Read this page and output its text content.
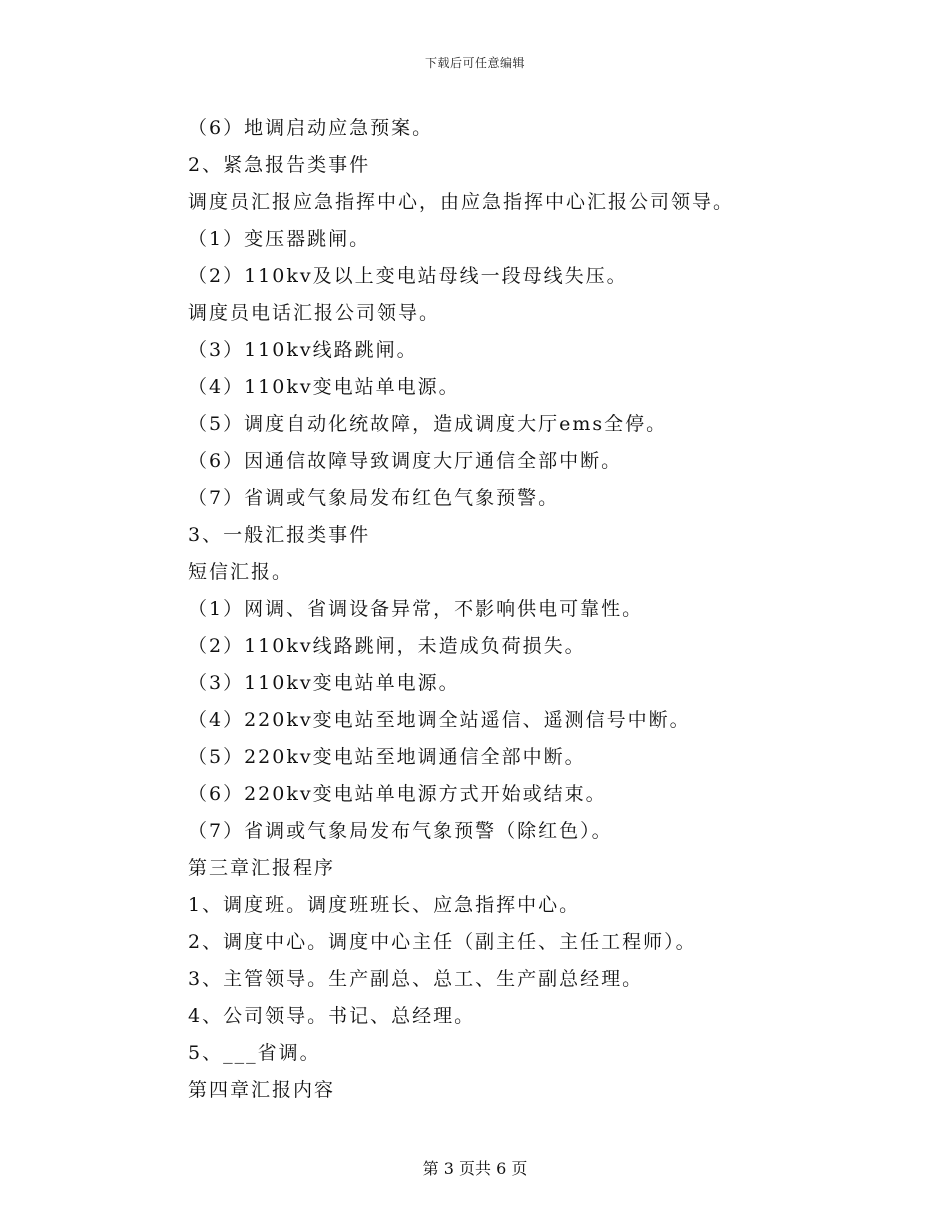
下载后可任意编辑
（6）地调启动应急预案。
2、紧急报告类事件
调度员汇报应急指挥中心，由应急指挥中心汇报公司领导。
（1）变压器跳闸。
（2）110kv及以上变电站母线一段母线失压。
调度员电话汇报公司领导。
（3）110kv线路跳闸。
（4）110kv变电站单电源。
（5）调度自动化统故障，造成调度大厅ems全停。
（6）因通信故障导致调度大厅通信全部中断。
（7）省调或气象局发布红色气象预警。
3、一般汇报类事件
短信汇报。
（1）网调、省调设备异常，不影响供电可靠性。
（2）110kv线路跳闸，未造成负荷损失。
（3）110kv变电站单电源。
（4）220kv变电站至地调全站遥信、遥测信号中断。
（5）220kv变电站至地调通信全部中断。
（6）220kv变电站单电源方式开始或结束。
（7）省调或气象局发布气象预警（除红色）。
第三章汇报程序
1、调度班。调度班班长、应急指挥中心。
2、调度中心。调度中心主任（副主任、主任工程师）。
3、主管领导。生产副总、总工、生产副总经理。
4、公司领导。书记、总经理。
5、___省调。
第四章汇报内容
第 3 页共 6 页
